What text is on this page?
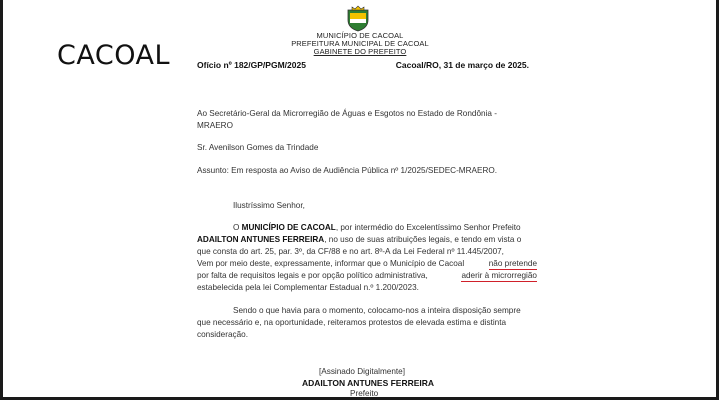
CACOAL
MUNICÍPIO DE CACOAL
PREFEITURA MUNICIPAL DE CACOAL
GABINETE DO PREFEITO
Ofício nº 182/GP/PGM/2025	Cacoal/RO, 31 de março de 2025.
Ao Secretário-Geral da Microrregião de Águas e Esgotos no Estado de Rondônia -
MRAERO
Sr. Avenilson Gomes da Trindade
Assunto: Em resposta ao Aviso de Audiência Pública nº 1/2025/SEDEC-MRAERO.
Ilustríssimo Senhor,
O MUNICÍPIO DE CACOAL, por intermédio do Excelentíssimo Senhor Prefeito
ADAILTON ANTUNES FERREIRA, no uso de suas atribuições legais, e tendo em vista o
que consta do art. 25, par. 3º, da CF/88 e no art. 8º-A da Lei Federal nº 11.445/2007,
Vem por meio deste, expressamente, informar que o Município de Cacoal	não pretende
por falta de requisitos legais e por opção político administrativa,	aderir à microrregião
estabelecida pela lei Complementar Estadual n.º 1.200/2023.
Sendo o que havia para o momento, colocamo-nos a inteira disposição sempre
que necessário e, na oportunidade, reiteramos protestos de elevada estima e distinta
consideração.
[Assinado Digitalmente]
ADAILTON ANTUNES FERREIRA
Prefeito
